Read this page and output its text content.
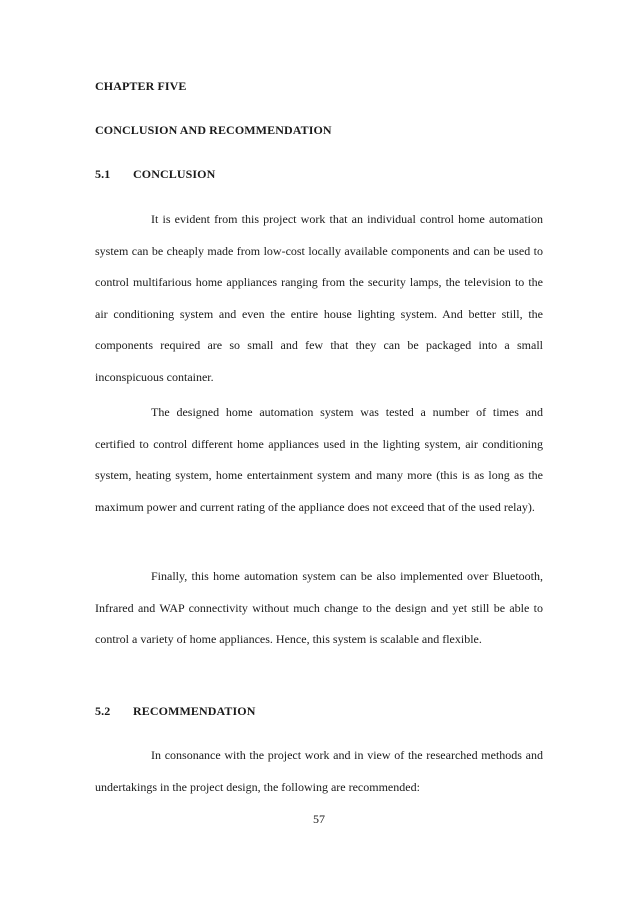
CHAPTER FIVE
CONCLUSION AND RECOMMENDATION
5.1 CONCLUSION

It is evident from this project work that an individual control home automation system can be cheaply made from low-cost locally available components and can be used to control multifarious home appliances ranging from the security lamps, the television to the air conditioning system and even the entire house lighting system. And better still, the components required are so small and few that they can be packaged into a small inconspicuous container.

The designed home automation system was tested a number of times and certified to control different home appliances used in the lighting system, air conditioning system, heating system, home entertainment system and many more (this is as long as the maximum power and current rating of the appliance does not exceed that of the used relay).

Finally, this home automation system can be also implemented over Bluetooth, Infrared and WAP connectivity without much change to the design and yet still be able to control a variety of home appliances. Hence, this system is scalable and flexible.

5.2 RECOMMENDATION

In consonance with the project work and in view of the researched methods and undertakings in the project design, the following are recommended:

57
